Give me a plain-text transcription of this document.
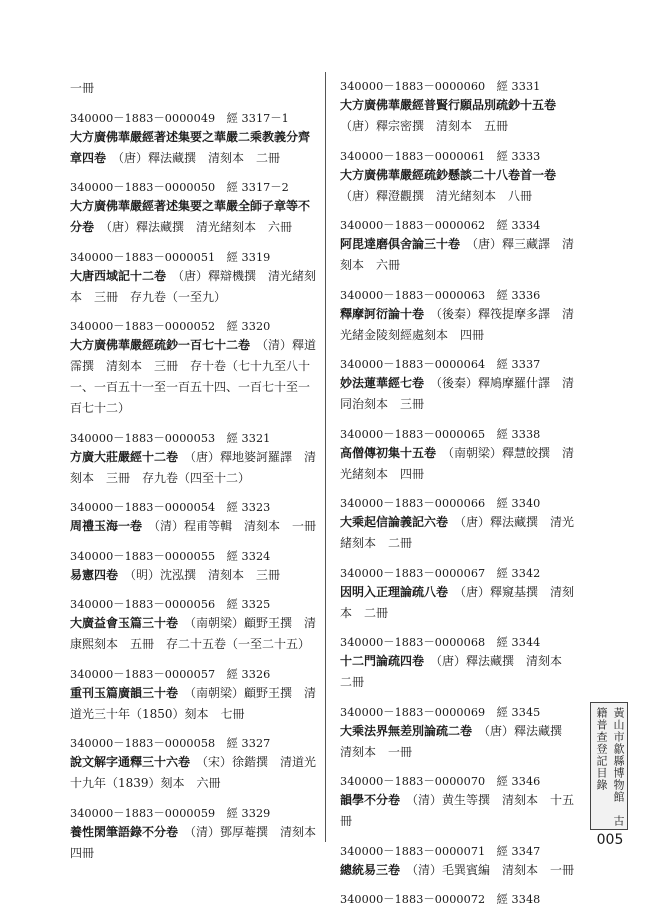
一冊
340000－1883－0000049　經 3317－1
大方廣佛華嚴經著述集要之華嚴二乘教義分齊章四卷　（唐）釋法藏撰　清刻本　二冊
340000－1883－0000050　經 3317－2
大方廣佛華嚴經著述集要之華嚴全師子章等不分卷　（唐）釋法藏撰　清光緒刻本　六冊
340000－1883－0000051　經 3319
大唐西域記十二卷　（唐）釋辯機撰　清光緒刻本　三冊　存九卷（一至九）
340000－1883－0000052　經 3320
大方廣佛華嚴經疏鈔一百七十二卷　（清）釋道霈撰　清刻本　三冊　存十卷（七十九至八十一、一百五十一至一百五十四、一百七十至一百七十二）
340000－1883－0000053　經 3321
方廣大莊嚴經十二卷　（唐）釋地婆訶羅譯　清刻本　三冊　存九卷（四至十二）
340000－1883－0000054　經 3323
周禮玉海一卷　（清）程甫等輯　清刻本　一冊
340000－1883－0000055　經 3324
易憲四卷　（明）沈泓撰　清刻本　三冊
340000－1883－0000056　經 3325
大廣益會玉篇三十卷　（南朝梁）顧野王撰　清康熙刻本　五冊　存二十五卷（一至二十五）
340000－1883－0000057　經 3326
重刊玉篇廣韻三十卷　（南朝梁）顧野王撰　清道光三十年（1850）刻本　七冊
340000－1883－0000058　經 3327
說文解字通釋三十六卷　（宋）徐鍇撰　清道光十九年（1839）刻本　六冊
340000－1883－0000059　經 3329
養性閑筆語錄不分卷　（清）鄧厚菴撰　清刻本　四冊
340000－1883－0000060　經 3331
大方廣佛華嚴經普賢行願品別疏鈔十五卷　（唐）釋宗密撰　清刻本　五冊
340000－1883－0000061　經 3333
大方廣佛華嚴經疏鈔懸談二十八卷首一卷　（唐）釋澄觀撰　清光緒刻本　八冊
340000－1883－0000062　經 3334
阿毘達磨俱舍論三十卷　（唐）釋三藏譯　清刻本　六冊
340000－1883－0000063　經 3336
釋摩訶衍論十卷　（後秦）釋筏提摩多譯　清光緒金陵刻經處刻本　四冊
340000－1883－0000064　經 3337
妙法蓮華經七卷　（後秦）釋鳩摩羅什譯　清同治刻本　三冊
340000－1883－0000065　經 3338
高僧傳初集十五卷　（南朝梁）釋慧皎撰　清光緒刻本　四冊
340000－1883－0000066　經 3340
大乘起信論義記六卷　（唐）釋法藏撰　清光緒刻本　二冊
340000－1883－0000067　經 3342
因明入正理論疏八卷　（唐）釋窺基撰　清刻本　二冊
340000－1883－0000068　經 3344
十二門論疏四卷　（唐）釋法藏撰　清刻本　二冊
340000－1883－0000069　經 3345
大乘法界無差別論疏二卷　（唐）釋法藏撰　清刻本　一冊
340000－1883－0000070　經 3346
韻學不分卷　（清）黄生等撰　清刻本　十五冊
340000－1883－0000071　經 3347
總統易三卷　（清）毛巽賓編　清刻本　一冊
340000－1883－0000072　經 3348
黃山市歙縣博物館　古籍普查登記目錄
005
